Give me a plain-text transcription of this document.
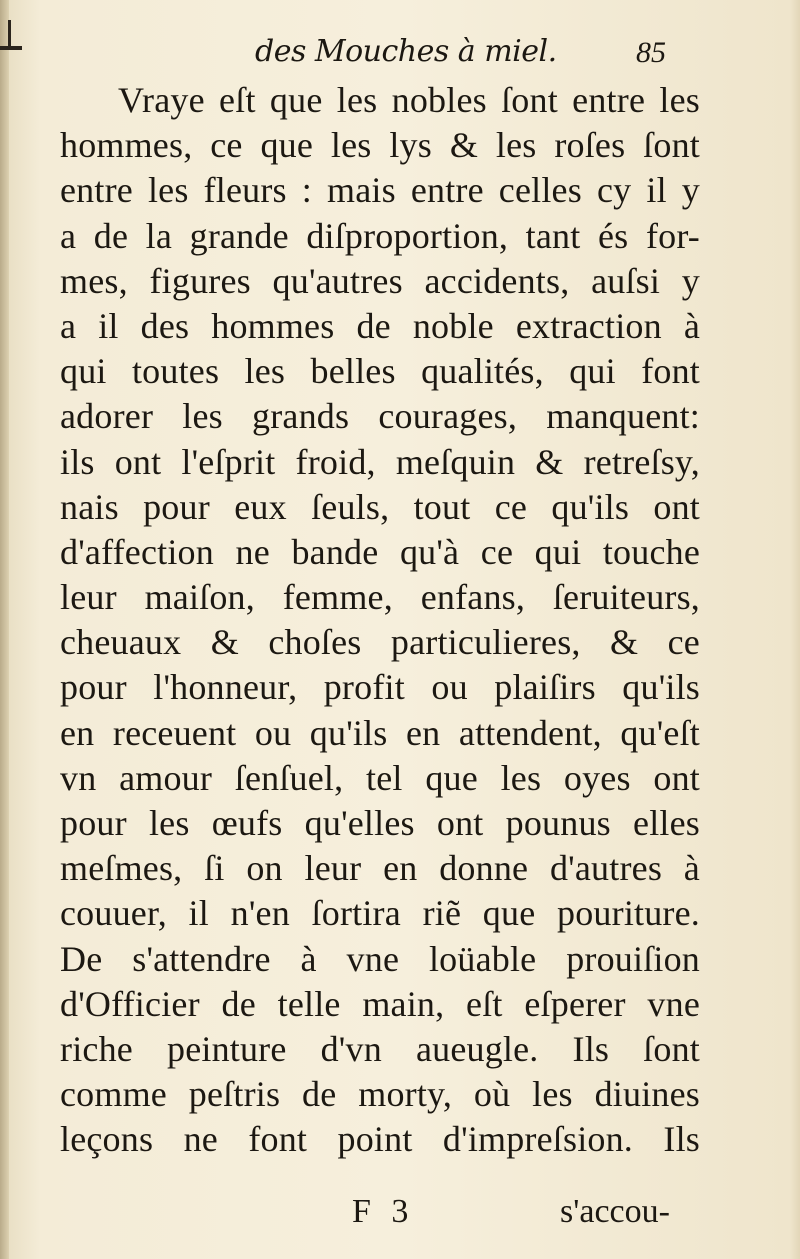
des Mouches à miel.	85
Vraye eſt que les nobles ſont entre les
hommes, ce que les lys & les roſes ſont
entre les fleurs : mais entre celles cy il y
a de la grande diſproportion, tant és for-
mes, figures qu'autres accidents, auſsi y
a il des hommes de noble extraction à
qui toutes les belles qualités, qui font
adorer les grands courages, manquent:
ils ont l'eſprit froid, meſquin & retreſsy,
nais pour eux ſeuls, tout ce qu'ils ont
d'affection ne bande qu'à ce qui touche
leur maiſon, femme, enfans, ſeruiteurs,
cheuaux & choſes particulieres, & ce
pour l'honneur, profit ou plaiſirs qu'ils
en receuent ou qu'ils en attendent, qu'eſt
vn amour ſenſuel, tel que les oyes ont
pour les œufs qu'elles ont pounus elles
meſmes, ſi on leur en donne d'autres à
couuer, il n'en ſortira riẽ que pouriture.
De s'attendre à vne loüable prouiſion
d'Officier de telle main, eſt eſperer vne
riche peinture d'vn aueugle. Ils ſont
comme peſtris de morty, où les diuines
leçons ne font point d'impreſsion. Ils
F 3	s'accou-
